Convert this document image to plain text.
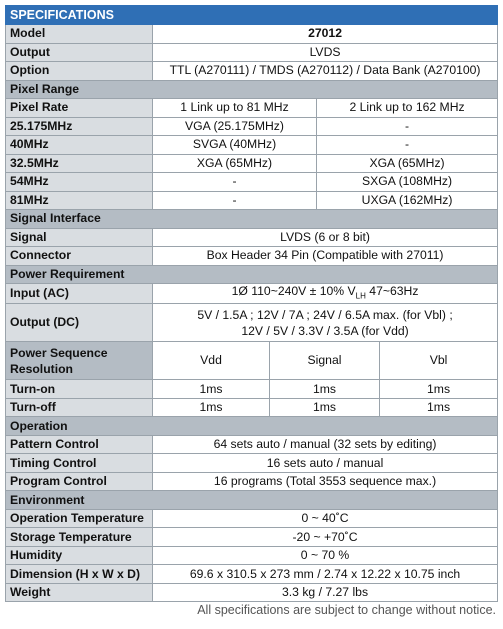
SPECIFICATIONS				
Model	27012			
Output	LVDS			
Option	TTL (A270111) / TMDS (A270112) / Data Bank (A270100)			
Pixel Range				
Pixel Rate	1 Link up to 81 MHz		2 Link up to 162 MHz	
25.175MHz	VGA (25.175MHz)		-	
40MHz	SVGA (40MHz)		-	
32.5MHz	XGA (65MHz)		XGA (65MHz)	
54MHz	-		SXGA (108MHz)	
81MHz	-		UXGA (162MHz)	
Signal Interface				
Signal	LVDS (6 or 8 bit)			
Connector	Box Header 34 Pin (Compatible with 27011)			
Power Requirement				
Input (AC)	1Ø 110~240V ± 10% $V_{LH}$ 47~63Hz			
Output (DC)	5V / 1.5A ; 12V / 7A ; 24V / 6.5A max. (for Vbl) ;
12V / 5V / 3.3V / 3.5A (for Vdd)			
Power Sequence Resolution	Vdd	Signal		Vbl
Turn-on	1ms	1ms		1ms
Turn-off	1ms	1ms		1ms
Operation				
Pattern Control	64 sets auto / manual (32 sets by editing)			
Timing Control	16 sets auto / manual			
Program Control	16 programs (Total 3553 sequence max.)			
Environment				
Operation Temperature	0 ~ 40˚C			
Storage Temperature	-20 ~ +70˚C			
Humidity	0 ~ 70 %			
Dimension (H x W x D)	69.6 x 310.5 x 273 mm / 2.74 x 12.22 x 10.75 inch			
Weight	3.3 kg / 7.27 lbs			
All specifications are subject to change without notice.
